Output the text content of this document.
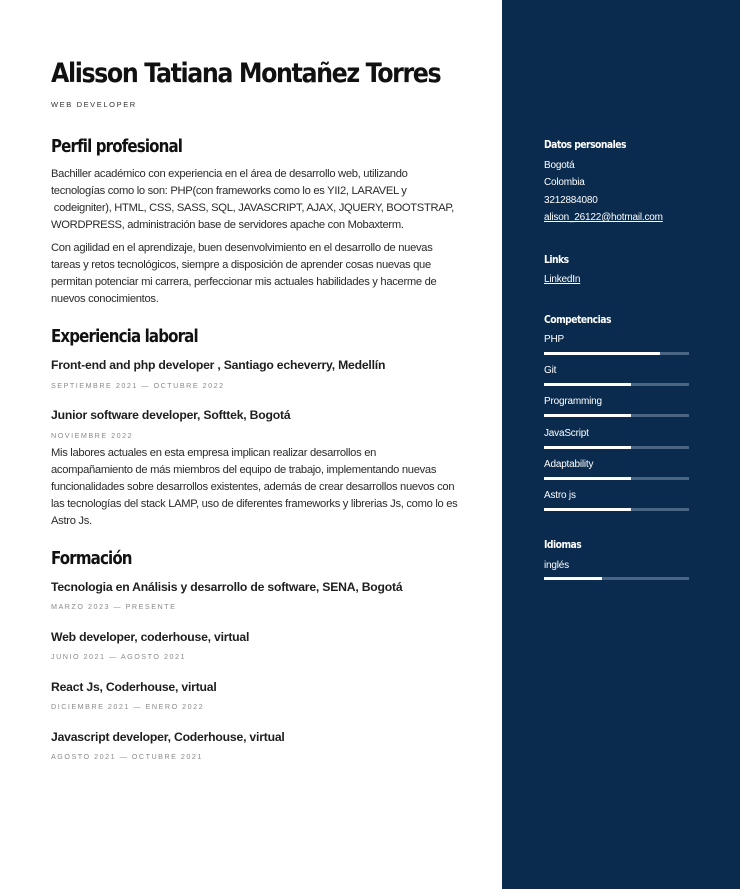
Alisson Tatiana Montañez Torres
WEB DEVELOPER
Perfil profesional
Bachiller académico con experiencia en el área de desarrollo web, utilizando
tecnologías como lo son: PHP(con frameworks como lo es YII2, LARAVEL y
codeigniter), HTML, CSS, SASS, SQL, JAVASCRIPT, AJAX, JQUERY, BOOTSTRAP,
WORDPRESS, administración base de servidores apache con Mobaxterm.
Con agilidad en el aprendizaje, buen desenvolvimiento en el desarrollo de nuevas
tareas y retos tecnológicos, siempre a disposición de aprender cosas nuevas que
permitan potenciar mi carrera, perfeccionar mis actuales habilidades y hacerme de
nuevos conocimientos.
Experiencia laboral
Front-end and php developer , Santiago echeverry, Medellín
SEPTIEMBRE 2021 — OCTUBRE 2022
Junior software developer, Softtek, Bogotá
NOVIEMBRE 2022
Mis labores actuales en esta empresa implican realizar desarrollos en
acompañamiento de más miembros del equipo de trabajo, implementando nuevas
funcionalidades sobre desarrollos existentes, además de crear desarrollos nuevos con
las tecnologías del stack LAMP, uso de diferentes frameworks y librerias Js, como lo es
Astro Js.
Formación
Tecnologia en Análisis y desarrollo de software, SENA, Bogotá
MARZO 2023 — PRESENTE
Web developer, coderhouse, virtual
JUNIO 2021 — AGOSTO 2021
React Js, Coderhouse, virtual
DICIEMBRE 2021 — ENERO 2022
Javascript developer, Coderhouse, virtual
AGOSTO 2021 — OCTUBRE 2021
Datos personales
Bogotá
Colombia
3212884080
alison_26122@hotmail.com
Links
LinkedIn
Competencias
PHP
Git
Programming
JavaScript
Adaptability
Astro js
Idiomas
inglés
